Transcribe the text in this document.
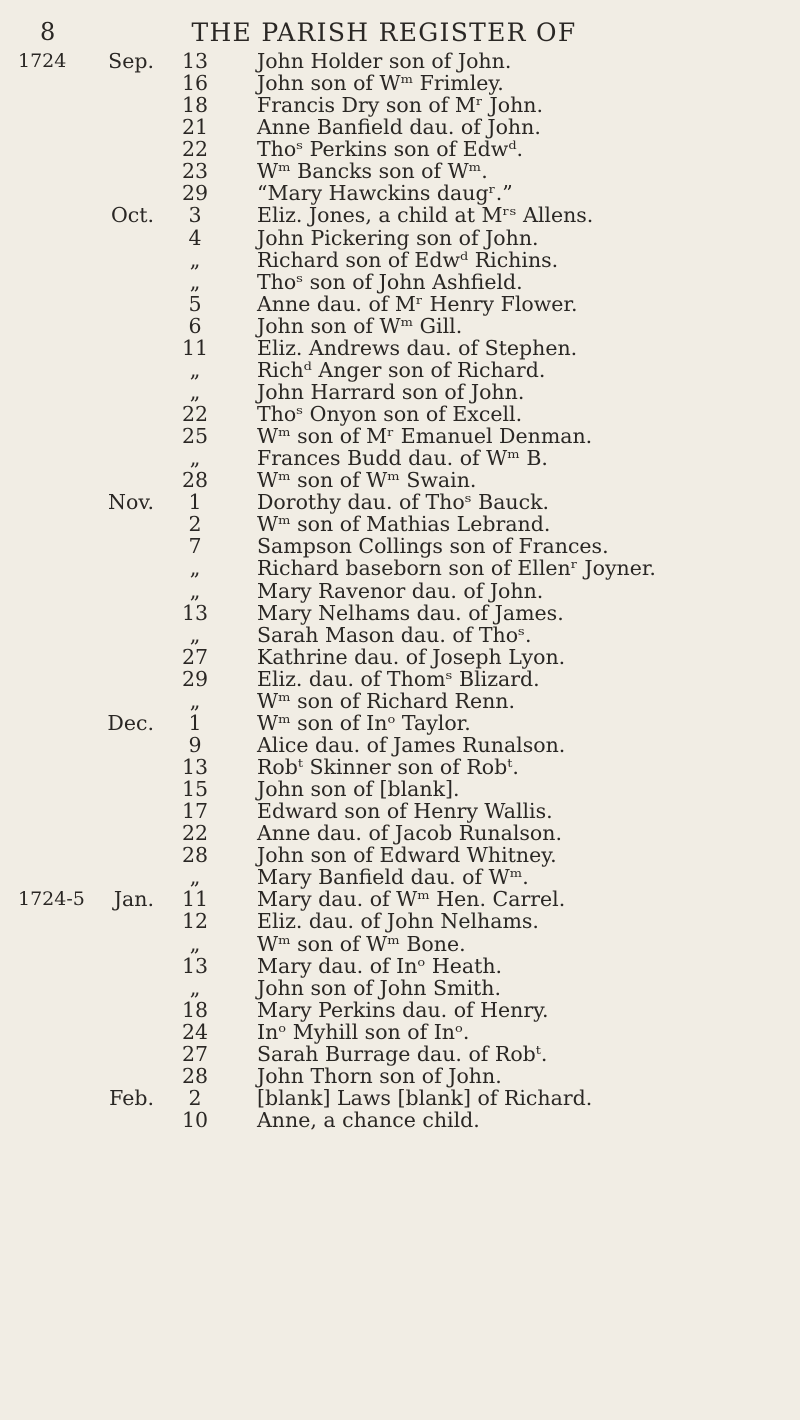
8	THE PARISH REGISTER OF
1724	Sep.	13	John Holder son of John.
16	John son of Wᵐ Frimley.
18	Francis Dry son of Mʳ John.
21	Anne Banfield dau. of John.
22	Thoˢ Perkins son of Edwᵈ.
23	Wᵐ Bancks son of Wᵐ.
29	“Mary Hawckins daugʳ.”
Oct.	3	Eliz. Jones, a child at Mʳˢ Allens.
4	John Pickering son of John.
„	Richard son of Edwᵈ Richins.
„	Thoˢ son of John Ashfield.
5	Anne dau. of Mʳ Henry Flower.
6	John son of Wᵐ Gill.
11	Eliz. Andrews dau. of Stephen.
„	Richᵈ Anger son of Richard.
„	John Harrard son of John.
22	Thoˢ Onyon son of Excell.
25	Wᵐ son of Mʳ Emanuel Denman.
„	Frances Budd dau. of Wᵐ B.
28	Wᵐ son of Wᵐ Swain.
Nov.	1	Dorothy dau. of Thoˢ Bauck.
2	Wᵐ son of Mathias Lebrand.
7	Sampson Collings son of Frances.
„	Richard baseborn son of Ellenʳ Joyner.
„	Mary Ravenor dau. of John.
13	Mary Nelhams dau. of James.
„	Sarah Mason dau. of Thoˢ.
27	Kathrine dau. of Joseph Lyon.
29	Eliz. dau. of Thomˢ Blizard.
„	Wᵐ son of Richard Renn.
Dec.	1	Wᵐ son of Inᵒ Taylor.
9	Alice dau. of James Runalson.
13	Robᵗ Skinner son of Robᵗ.
15	John son of [blank].
17	Edward son of Henry Wallis.
22	Anne dau. of Jacob Runalson.
28	John son of Edward Whitney.
„	Mary Banfield dau. of Wᵐ.
1724-5	Jan.	11	Mary dau. of Wᵐ Hen. Carrel.
12	Eliz. dau. of John Nelhams.
„	Wᵐ son of Wᵐ Bone.
13	Mary dau. of Inᵒ Heath.
„	John son of John Smith.
18	Mary Perkins dau. of Henry.
24	Inᵒ Myhill son of Inᵒ.
27	Sarah Burrage dau. of Robᵗ.
28	John Thorn son of John.
Feb.	2	[blank] Laws [blank] of Richard.
10	Anne, a chance child.
